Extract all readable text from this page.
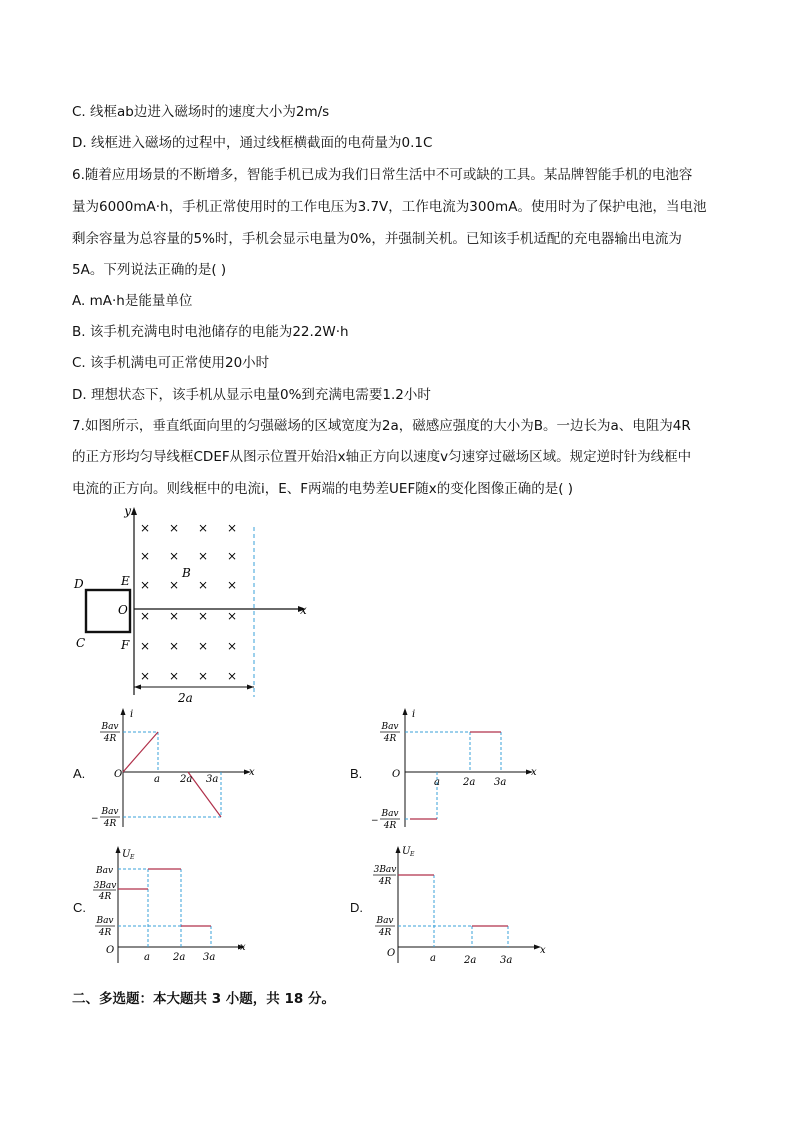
C. 线框ab边进入磁场时的速度大小为2m/s
D. 线框进入磁场的过程中，通过线框横截面的电荷量为0.1C
6.随着应用场景的不断增多，智能手机已成为我们日常生活中不可或缺的工具。某品牌智能手机的电池容
量为6000mA·h，手机正常使用时的工作电压为3.7V，工作电流为300mA。使用时为了保护电池，当电池
剩余容量为总容量的5%时，手机会显示电量为0%，并强制关机。已知该手机适配的充电器输出电流为
5A。下列说法正确的是( )
A. mA·h是能量单位
B. 该手机充满电时电池储存的电能为22.2W·h
C. 该手机满电可正常使用20小时
D. 理想状态下，该手机从显示电量0%到充满电需要1.2小时
7.如图所示，垂直纸面向里的匀强磁场的区域宽度为2a，磁感应强度的大小为B。一边长为a、电阻为4R
的正方形均匀导线框CDEF从图示位置开始沿x轴正方向以速度v匀速穿过磁场区域。规定逆时针为线框中
电流的正方向。则线框中的电流i，E、F两端的电势差UEF随x的变化图像正确的是( )
二、多选题：本大题共 3 小题，共 18 分。
y
x
× × × ×
× × × ×
× × × ×
× × × ×
× × × ×
× × × ×
B
D	E
C	F
O
2a
A.	B.
C.	D.
i
x
O	a 2a 3a
Bav
4R
−
Bav
4R
i
x
O
a 2a 3a
Bav
4R
−
Bav
4R
U E
x
O
a 2a 3a
Bav
3Bav
4R
Bav
4R
U E
x
O	a	2a 3a
3Bav
4R
Bav
4R
